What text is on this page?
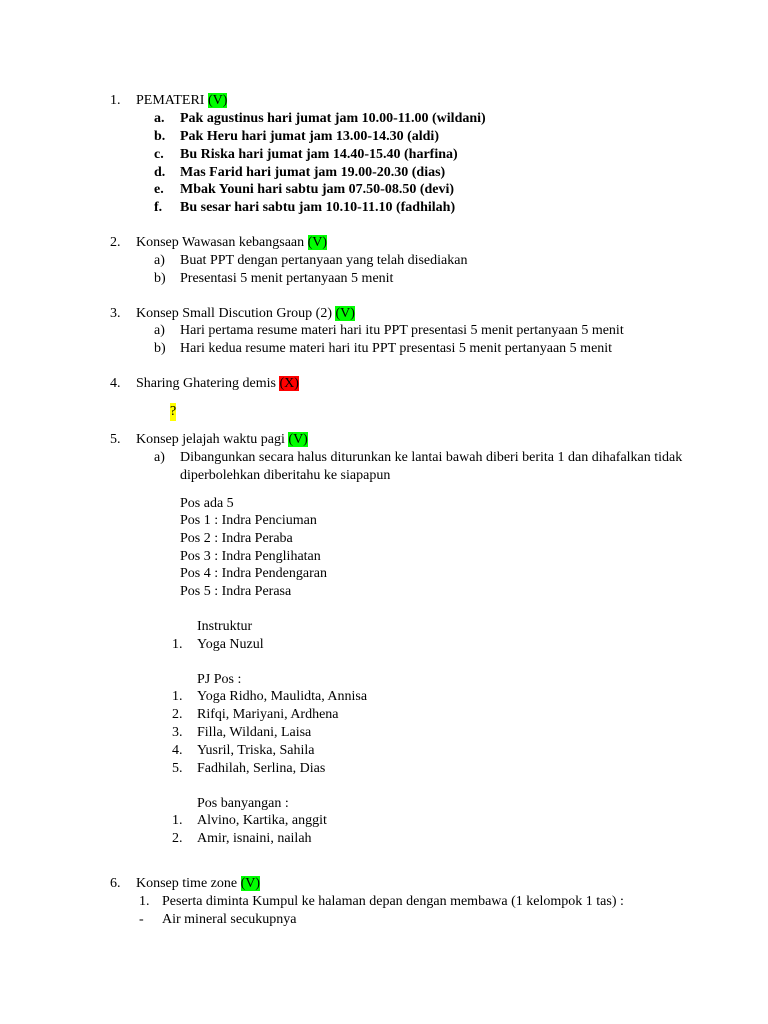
1.	PEMATERI (V)
a. Pak agustinus hari jumat jam 10.00-11.00 (wildani)
b. Pak Heru hari jumat jam 13.00-14.30 (aldi)
c. Bu Riska hari jumat jam 14.40-15.40 (harfina)
d. Mas Farid hari jumat jam 19.00-20.30 (dias)
e. Mbak Youni hari sabtu jam 07.50-08.50 (devi)
f. Bu sesar hari sabtu jam 10.10-11.10 (fadhilah)
2.	Konsep Wawasan kebangsaan (V)
a) Buat PPT dengan pertanyaan yang telah disediakan
b) Presentasi 5 menit pertanyaan 5 menit
3.	Konsep Small Discution Group (2) (V)
a) Hari pertama resume materi hari itu PPT presentasi 5 menit pertanyaan 5 menit
b) Hari kedua resume materi hari itu PPT presentasi 5 menit pertanyaan 5 menit
4.	Sharing Ghatering demis (X)
?
5.	Konsep jelajah waktu pagi (V)
a) Dibangunkan secara halus diturunkan ke lantai bawah diberi berita 1 dan dihafalkan tidak
diperbolehkan diberitahu ke siapapun
Pos ada 5
Pos 1 : Indra Penciuman
Pos 2 : Indra Peraba
Pos 3 : Indra Penglihatan
Pos 4 : Indra Pendengaran
Pos 5 : Indra Perasa
Instruktur
1. Yoga Nuzul
PJ Pos :
1. Yoga Ridho, Maulidta, Annisa
2. Rifqi, Mariyani, Ardhena
3. Filla, Wildani, Laisa
4. Yusril, Triska, Sahila
5. Fadhilah, Serlina, Dias
Pos banyangan :
1. Alvino, Kartika, anggit
2. Amir, isnaini, nailah
6.	Konsep time zone (V)
1. Peserta diminta Kumpul ke halaman depan dengan membawa (1 kelompok 1 tas) :
- Air mineral secukupnya
